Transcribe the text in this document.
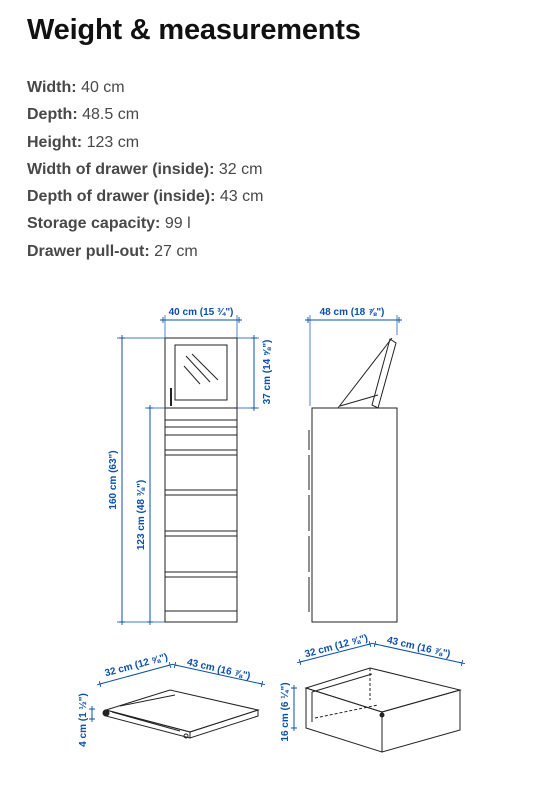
Weight & measurements
Width: 40 cm
Depth: 48.5 cm
Height: 123 cm
Width of drawer (inside): 32 cm
Depth of drawer (inside): 43 cm
Storage capacity: 99 l
Drawer pull-out: 27 cm
40 cm (15 ¾")
160 cm (63") 123 cm (48 ⅜")
37 cm (14 ⅝")
48 cm (18 ⅞")
32 cm (12 ⅝") 43 cm (16 ⅞")
4 cm (1 ½")
32 cm (12 ⅝") 43 cm (16 ⅞")
16 cm (6 ¼")
